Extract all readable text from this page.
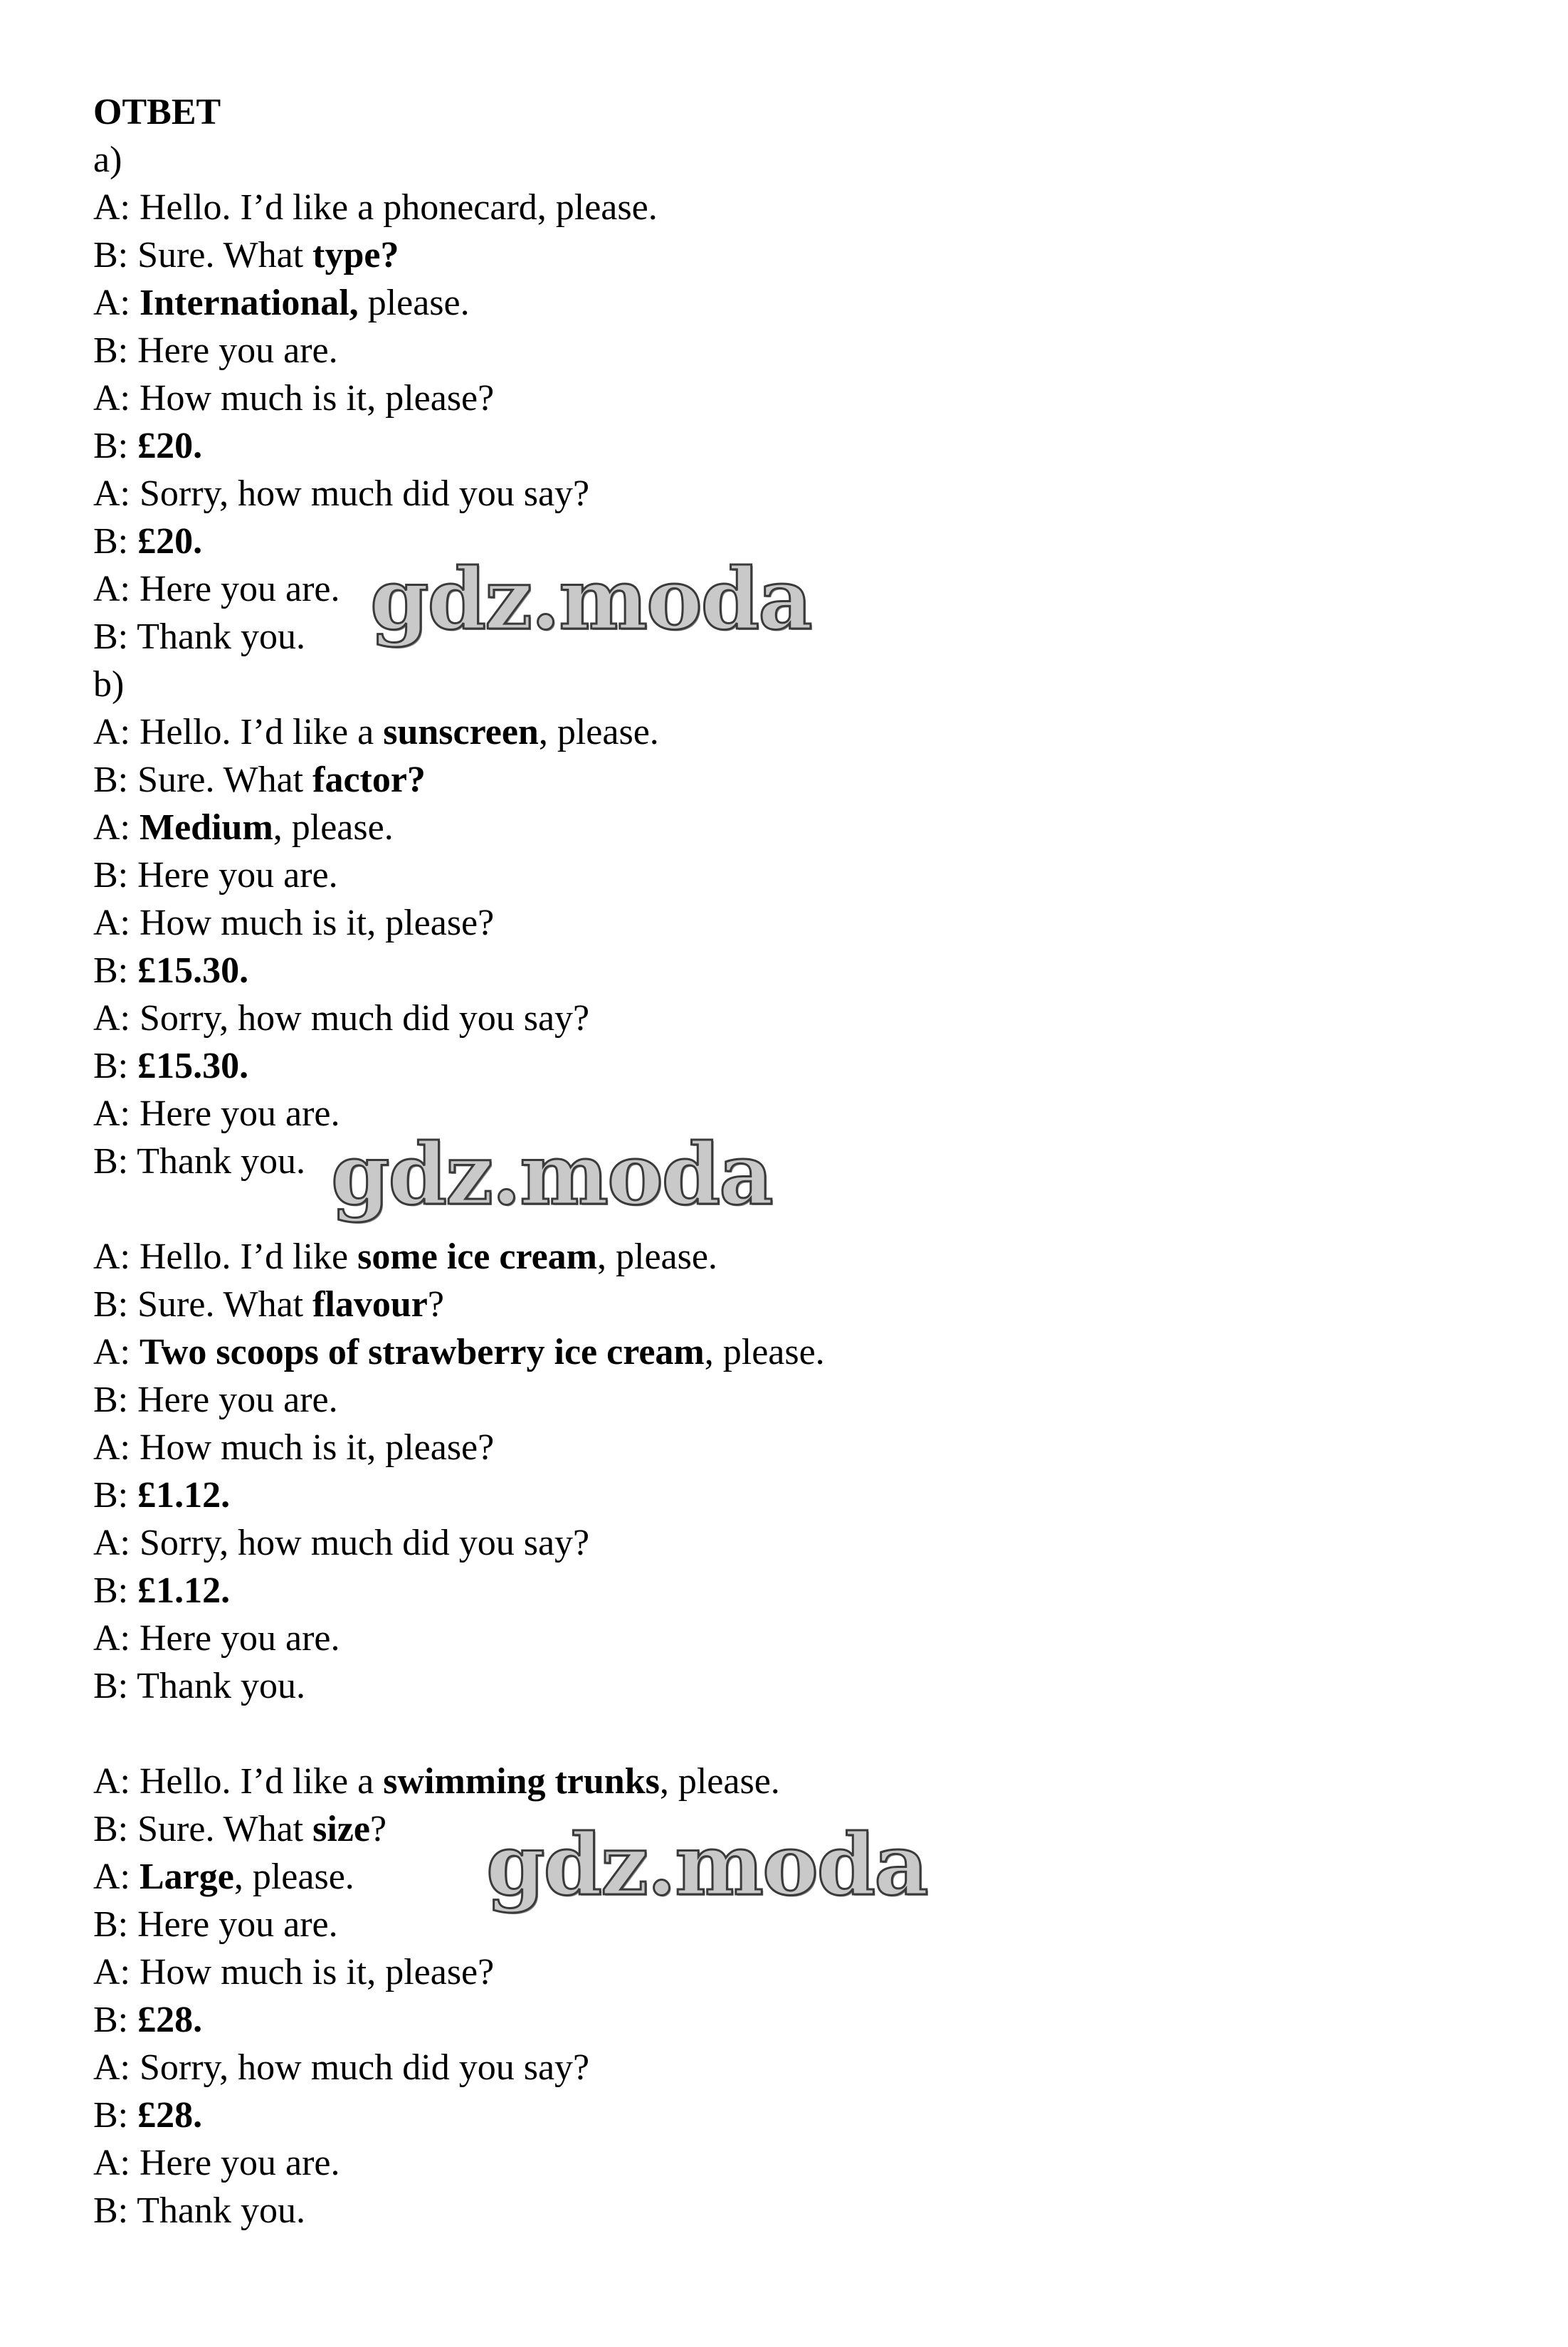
ОТВЕТ
a)
A: Hello. I’d like a phonecard, please.
B: Sure. What type?
A: International, please.
B: Here you are.
A: How much is it, please?
B: £20.
A: Sorry, how much did you say?
B: £20.
A: Here you are.
B: Thank you.
b)
A: Hello. I’d like a sunscreen, please.
B: Sure. What factor?
A: Medium, please.
B: Here you are.
A: How much is it, please?
B: £15.30.
A: Sorry, how much did you say?
B: £15.30.
A: Here you are.
B: Thank you.
A: Hello. I’d like some ice cream, please.
B: Sure. What flavour?
A: Two scoops of strawberry ice cream, please.
B: Here you are.
A: How much is it, please?
B: £1.12.
A: Sorry, how much did you say?
B: £1.12.
A: Here you are.
B: Thank you.
A: Hello. I’d like a swimming trunks, please.
B: Sure. What size?
A: Large, please.
B: Here you are.
A: How much is it, please?
B: £28.
A: Sorry, how much did you say?
B: £28.
A: Here you are.
B: Thank you.
gdz.moda
gdz.moda
gdz.moda
